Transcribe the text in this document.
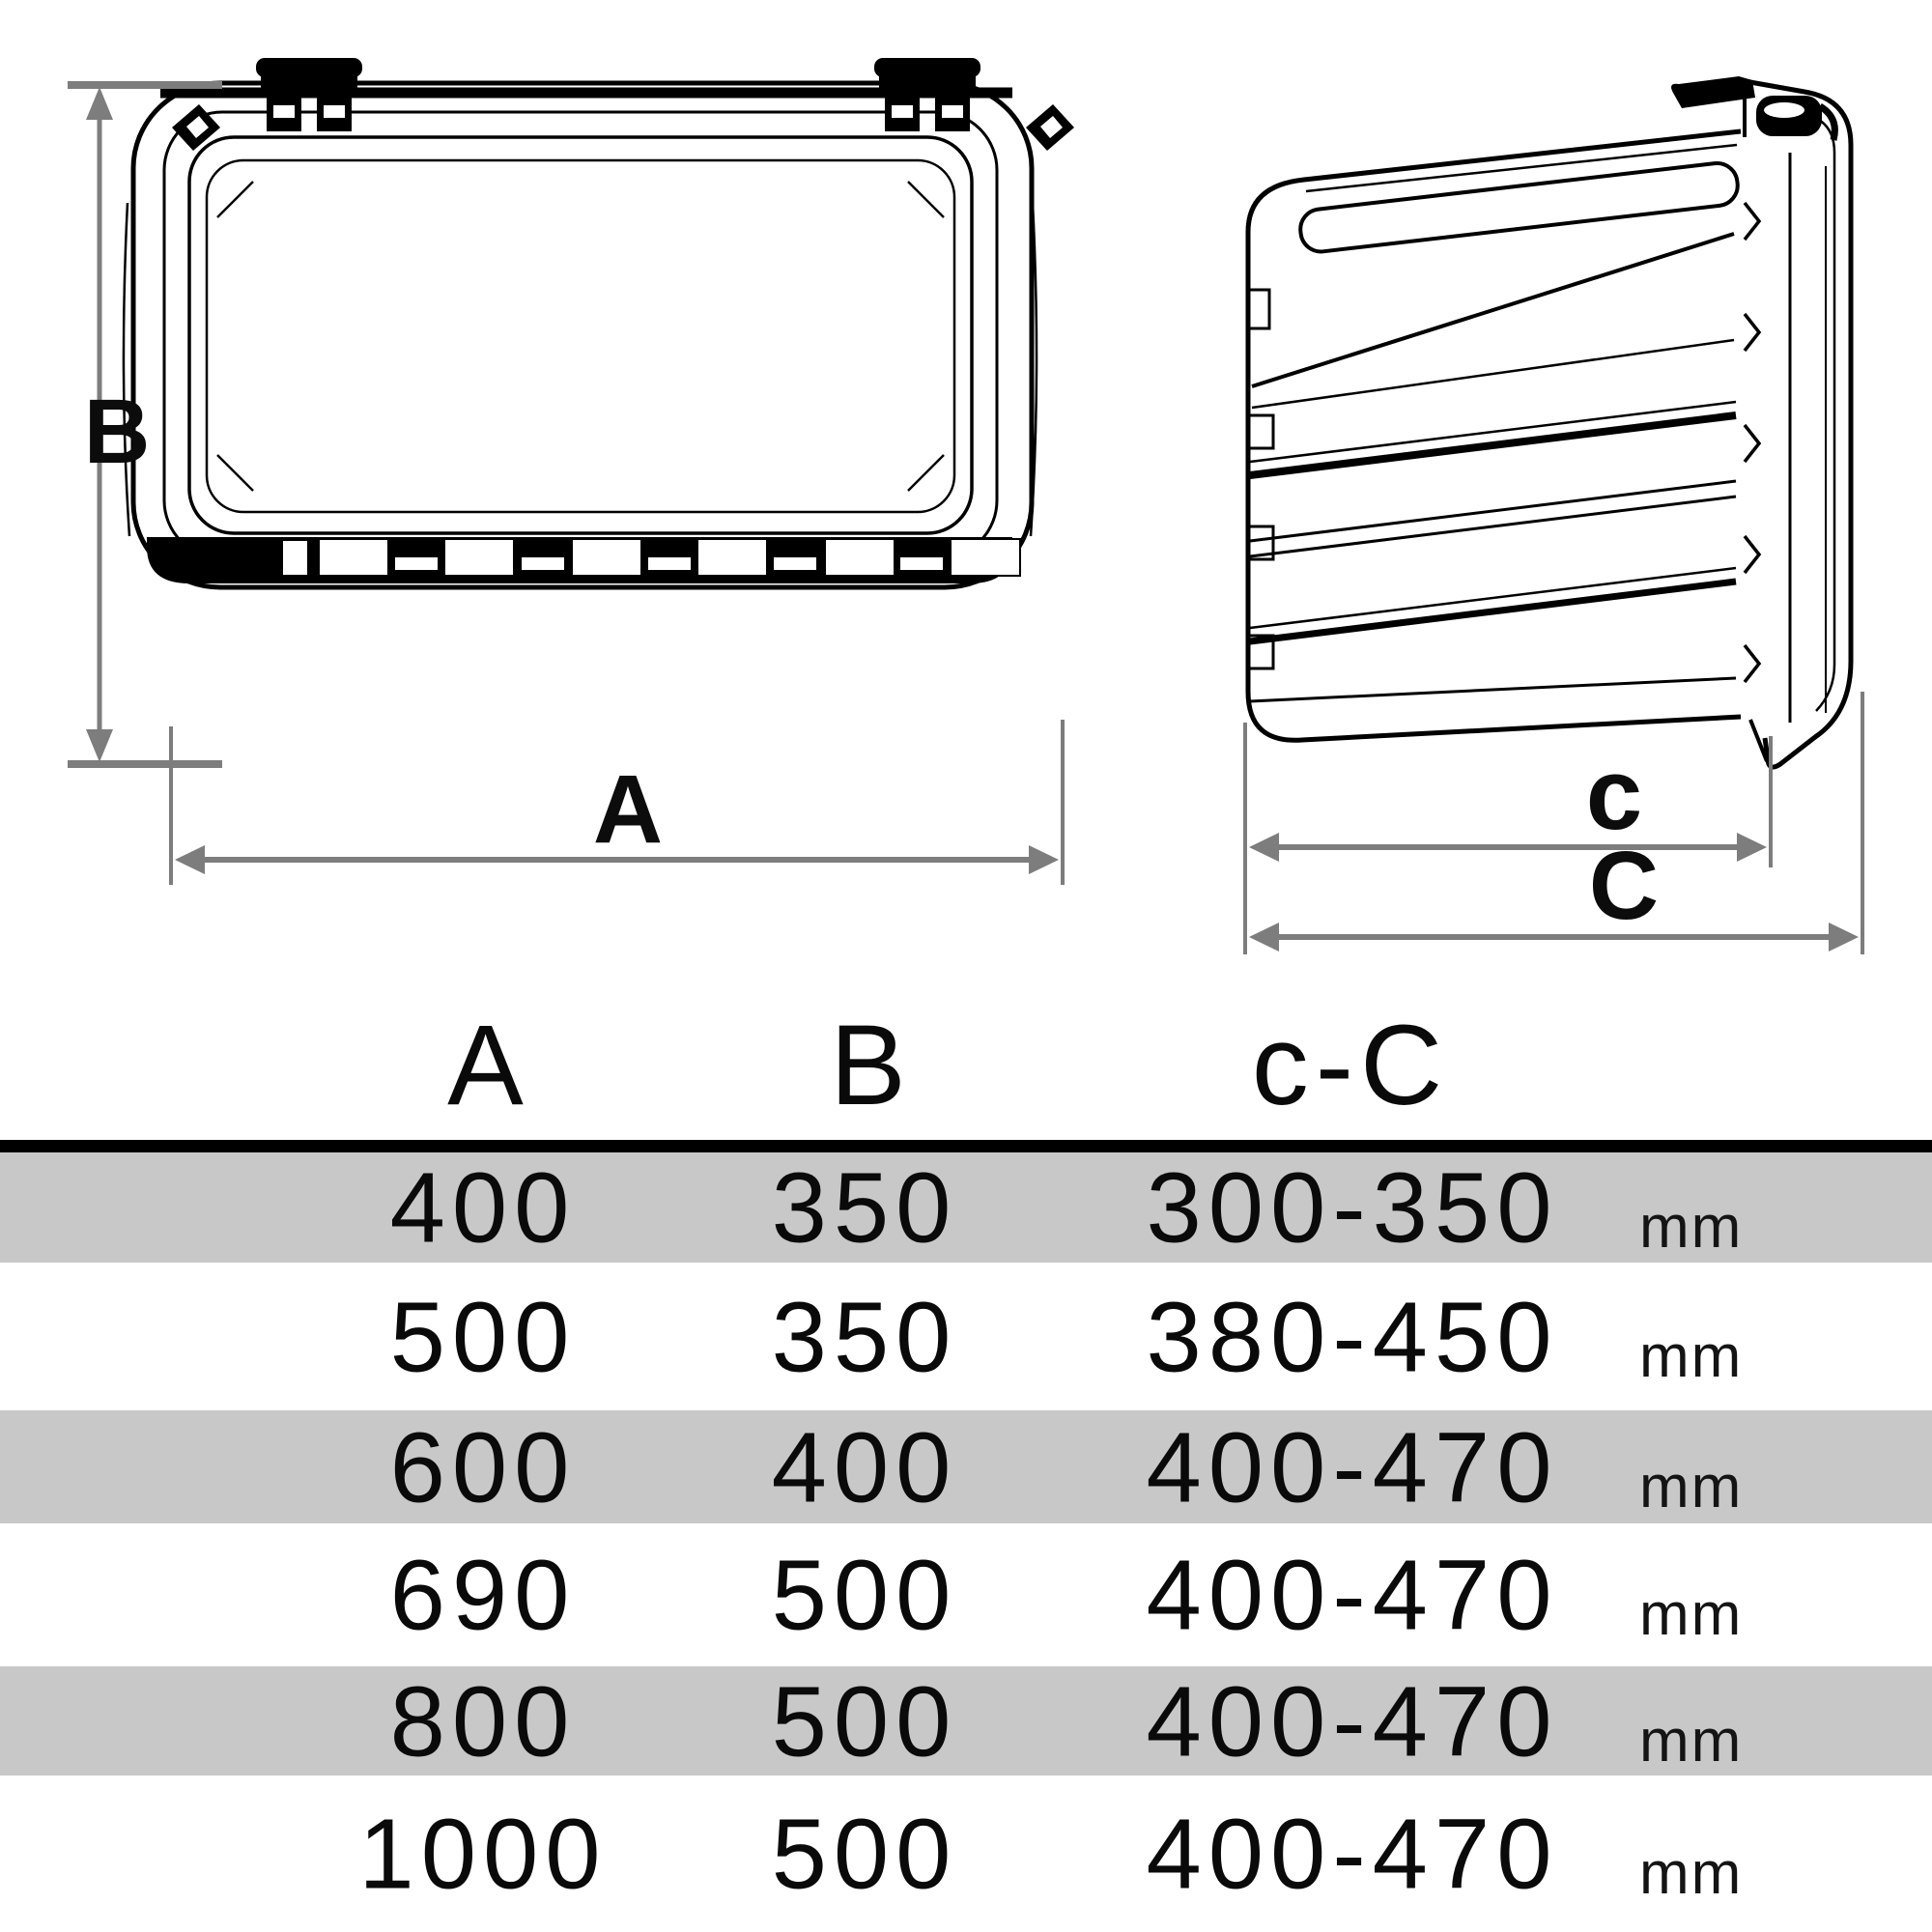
B
A	c
C
A	B	c-C
400 350 300-350 mm
500 350 380-450 mm
600 400 400-470 mm
690 500 400-470 mm
800 500 400-470 mm
1000 500 400-470 mm
